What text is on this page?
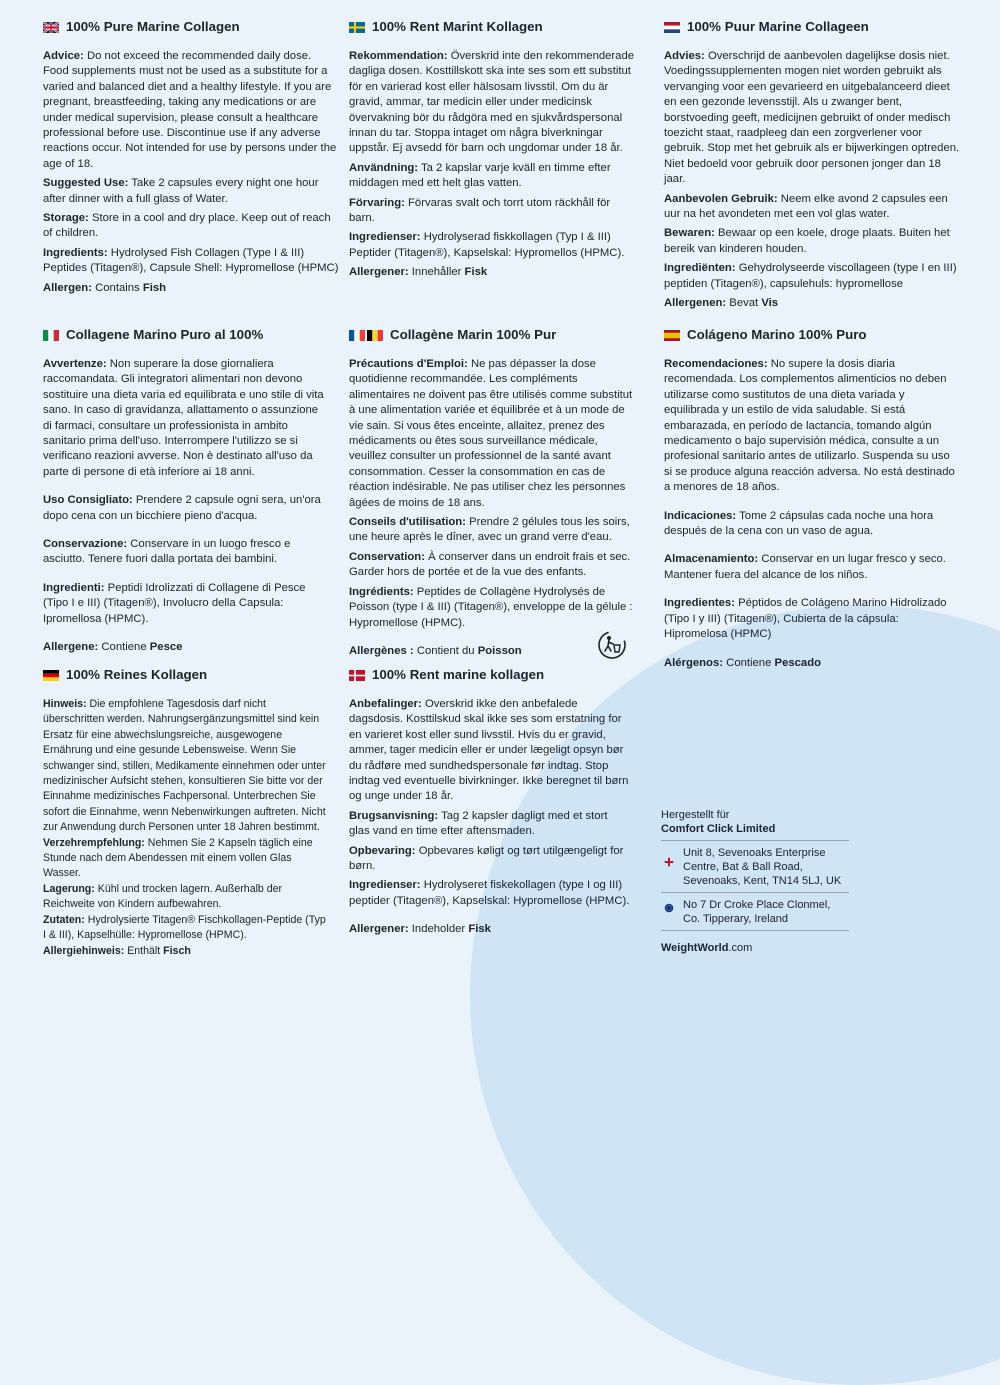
100% Pure Marine Collagen

Advice: Do not exceed the recommended daily dose. Food supplements must not be used as a substitute for a varied and balanced diet and a healthy lifestyle. If you are pregnant, breastfeeding, taking any medications or are under medical supervision, please consult a healthcare professional before use. Discontinue use if any adverse reactions occur. Not intended for use by persons under the age of 18.

Suggested Use: Take 2 capsules every night one hour after dinner with a full glass of Water.

Storage: Store in a cool and dry place. Keep out of reach of children.

Ingredients: Hydrolysed Fish Collagen (Type I & III) Peptides (Titagen®), Capsule Shell: Hypromellose (HPMC)

Allergen: Contains Fish

100% Rent Marint Kollagen

Rekommendation: Överskrid inte den rekommenderade dagliga dosen. Kosttillskott ska inte ses som ett substitut för en varierad kost eller hälsosam livsstil. Om du är gravid, ammar, tar medicin eller under medicinsk övervakning bör du rådgöra med en sjukvårdspersonal innan du tar. Stoppa intaget om några biverkningar uppstår. Ej avsedd för barn och ungdomar under 18 år.

Användning: Ta 2 kapslar varje kväll en timme efter middagen med ett helt glas vatten.

Förvaring: Förvaras svalt och torrt utom räckhåll för barn.

Ingredienser: Hydrolyserad fiskkollagen (Typ I & III) Peptider (Titagen®), Kapselskal: Hypromellos (HPMC).

Allergener: Innehåller Fisk

100% Puur Marine Collageen

Advies: Overschrijd de aanbevolen dagelijkse dosis niet. Voedingssupplementen mogen niet worden gebruikt als vervanging voor een gevarieerd en uitgebalanceerd dieet en een gezonde levensstijl. Als u zwanger bent, borstvoeding geeft, medicijnen gebruikt of onder medisch toezicht staat, raadpleeg dan een zorgverlener voor gebruik. Stop met het gebruik als er bijwerkingen optreden. Niet bedoeld voor gebruik door personen jonger dan 18 jaar.

Aanbevolen Gebruik: Neem elke avond 2 capsules een uur na het avondeten met een vol glas water.

Bewaren: Bewaar op een koele, droge plaats. Buiten het bereik van kinderen houden.

Ingrediënten: Gehydrolyseerde viscollageen (type I en III) peptiden (Titagen®), capsulehuls: hypromellose

Allergenen: Bevat Vis

Collagene Marino Puro al 100%

Avvertenze: Non superare la dose giornaliera raccomandata. Gli integratori alimentari non devono sostituire una dieta varia ed equilibrata e uno stile di vita sano. In caso di gravidanza, allattamento o assunzione di farmaci, consultare un professionista in ambito sanitario prima dell'uso. Interrompere l'utilizzo se si verificano reazioni avverse. Non è destinato all'uso da parte di persone di età inferiore ai 18 anni.

Uso Consigliato: Prendere 2 capsule ogni sera, un'ora dopo cena con un bicchiere pieno d'acqua.

Conservazione: Conservare in un luogo fresco e asciutto. Tenere fuori dalla portata dei bambini.

Ingredienti: Peptidi Idrolizzati di Collagene di Pesce (Tipo I e III) (Titagen®), Involucro della Capsula: Ipromellosa (HPMC).

Allergene: Contiene Pesce

Collagène Marin 100% Pur

Précautions d'Emploi: Ne pas dépasser la dose quotidienne recommandée. Les compléments alimentaires ne doivent pas être utilisés comme substitut à une alimentation variée et équilibrée et à un mode de vie sain. Si vous êtes enceinte, allaitez, prenez des médicaments ou êtes sous surveillance médicale, veuillez consulter un professionnel de la santé avant consommation. Cesser la consommation en cas de réaction indésirable. Ne pas utiliser chez les personnes âgées de moins de 18 ans.

Conseils d'utilisation: Prendre 2 gélules tous les soirs, une heure après le dîner, avec un grand verre d'eau.

Conservation: À conserver dans un endroit frais et sec. Garder hors de portée et de la vue des enfants.

Ingrédients: Peptides de Collagène Hydrolysés de Poisson (type I & III) (Titagen®), enveloppe de la gélule : Hypromellose (HPMC).

Allergènes : Contient du Poisson

Colágeno Marino 100% Puro

Recomendaciones: No supere la dosis diaria recomendada. Los complementos alimenticios no deben utilizarse como sustitutos de una dieta variada y equilibrada y un estilo de vida saludable. Si está embarazada, en período de lactancia, tomando algún medicamento o bajo supervisión médica, consulte a un profesional sanitario antes de utilizarlo. Suspenda su uso si se produce alguna reacción adversa. No está destinado a menores de 18 años.

Indicaciones: Tome 2 cápsulas cada noche una hora después de la cena con un vaso de agua.

Almacenamiento: Conservar en un lugar fresco y seco. Mantener fuera del alcance de los niños.

Ingredientes: Péptidos de Colágeno Marino Hidrolizado (Tipo I y III) (Titagen®), Cubierta de la cápsula: Hipromelosa (HPMC)

Alérgenos: Contiene Pescado

100% Reines Kollagen

Hinweis: Die empfohlene Tagesdosis darf nicht überschritten werden. Nahrungsergänzungsmittel sind kein Ersatz für eine abwechslungsreiche, ausgewogene Ernährung und eine gesunde Lebensweise. Wenn Sie schwanger sind, stillen, Medikamente einnehmen oder unter medizinischer Aufsicht stehen, konsultieren Sie bitte vor der Einnahme medizinisches Fachpersonal. Unterbrechen Sie sofort die Einnahme, wenn Nebenwirkungen auftreten. Nicht zur Anwendung durch Personen unter 18 Jahren bestimmt.

Verzehrempfehlung: Nehmen Sie 2 Kapseln täglich eine Stunde nach dem Abendessen mit einem vollen Glas Wasser.

Lagerung: Kühl und trocken lagern. Außerhalb der Reichweite von Kindern aufbewahren.

Zutaten: Hydrolysierte Titagen® Fischkollagen-Peptide (Typ I & III), Kapselhülle: Hypromellose (HPMC).

Allergiehinweis: Enthält Fisch

100% Rent marine kollagen

Anbefalinger: Overskrid ikke den anbefalede dagsdosis. Kosttilskud skal ikke ses som erstatning for en varieret kost eller sund livsstil. Hvis du er gravid, ammer, tager medicin eller er under lægeligt opsyn bør du rådføre med sundhedspersonale før indtag. Stop indtag ved eventuelle bivirkninger. Ikke beregnet til børn og unge under 18 år.

Brugsanvisning: Tag 2 kapsler dagligt med et stort glas vand en time efter aftensmaden.

Opbevaring: Opbevares køligt og tørt utilgængeligt for børn.

Ingredienser: Hydrolyseret fiskekollagen (type I og III) peptider (Titagen®), Kapselskal: Hypromellose (HPMC).

Allergener: Indeholder Fisk

Hergestellt für
Comfort Click Limited
Unit 8, Sevenoaks Enterprise Centre, Bat & Ball Road, Sevenoaks, Kent, TN14 5LJ, UK
No 7 Dr Croke Place Clonmel, Co. Tipperary, Ireland
WeightWorld.com
